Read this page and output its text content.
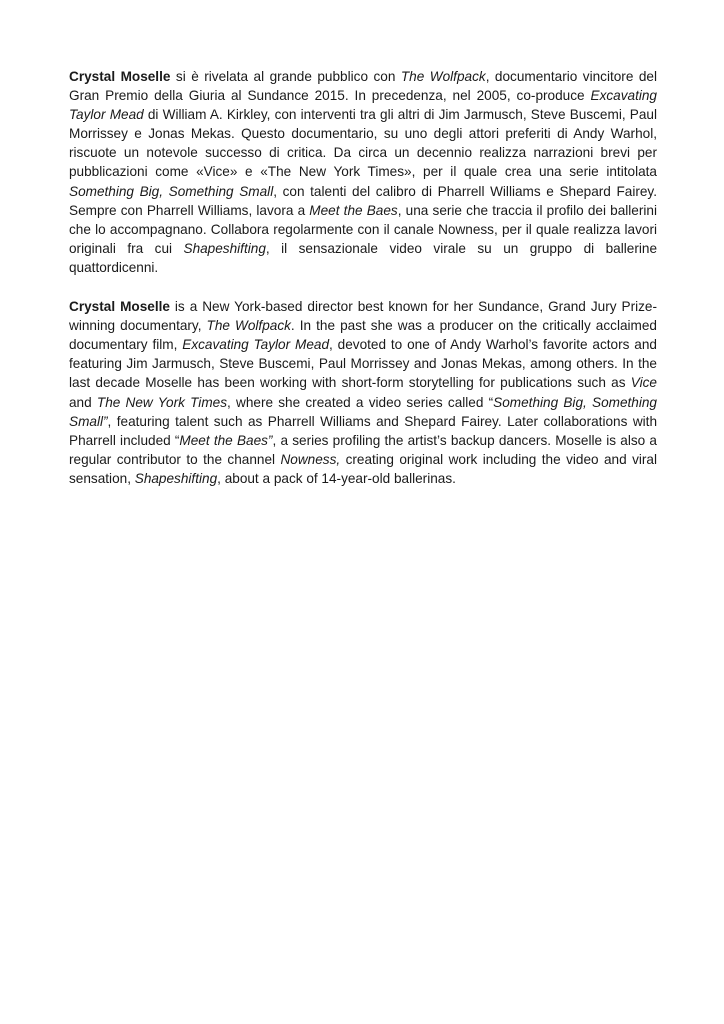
Crystal Moselle si è rivelata al grande pubblico con The Wolfpack, documentario vincitore del Gran Premio della Giuria al Sundance 2015. In precedenza, nel 2005, co-produce Excavating Taylor Mead di William A. Kirkley, con interventi tra gli altri di Jim Jarmusch, Steve Buscemi, Paul Morrissey e Jonas Mekas. Questo documentario, su uno degli attori preferiti di Andy Warhol, riscuote un notevole successo di critica. Da circa un decennio realizza narrazioni brevi per pubblicazioni come «Vice» e «The New York Times», per il quale crea una serie intitolata Something Big, Something Small, con talenti del calibro di Pharrell Williams e Shepard Fairey. Sempre con Pharrell Williams, lavora a Meet the Baes, una serie che traccia il profilo dei ballerini che lo accompagnano. Collabora regolarmente con il canale Nowness, per il quale realizza lavori originali fra cui Shapeshifting, il sensazionale video virale su un gruppo di ballerine quattordicenni.

Crystal Moselle is a New York-based director best known for her Sundance, Grand Jury Prize-winning documentary, The Wolfpack. In the past she was a producer on the critically acclaimed documentary film, Excavating Taylor Mead, devoted to one of Andy Warhol’s favorite actors and featuring Jim Jarmusch, Steve Buscemi, Paul Morrissey and Jonas Mekas, among others. In the last decade Moselle has been working with short-form storytelling for publications such as Vice and The New York Times, where she created a video series called “Something Big, Something Small”, featuring talent such as Pharrell Williams and Shepard Fairey. Later collaborations with Pharrell included “Meet the Baes”, a series profiling the artist’s backup dancers. Moselle is also a regular contributor to the channel Nowness, creating original work including the video and viral sensation, Shapeshifting, about a pack of 14-year-old ballerinas.
